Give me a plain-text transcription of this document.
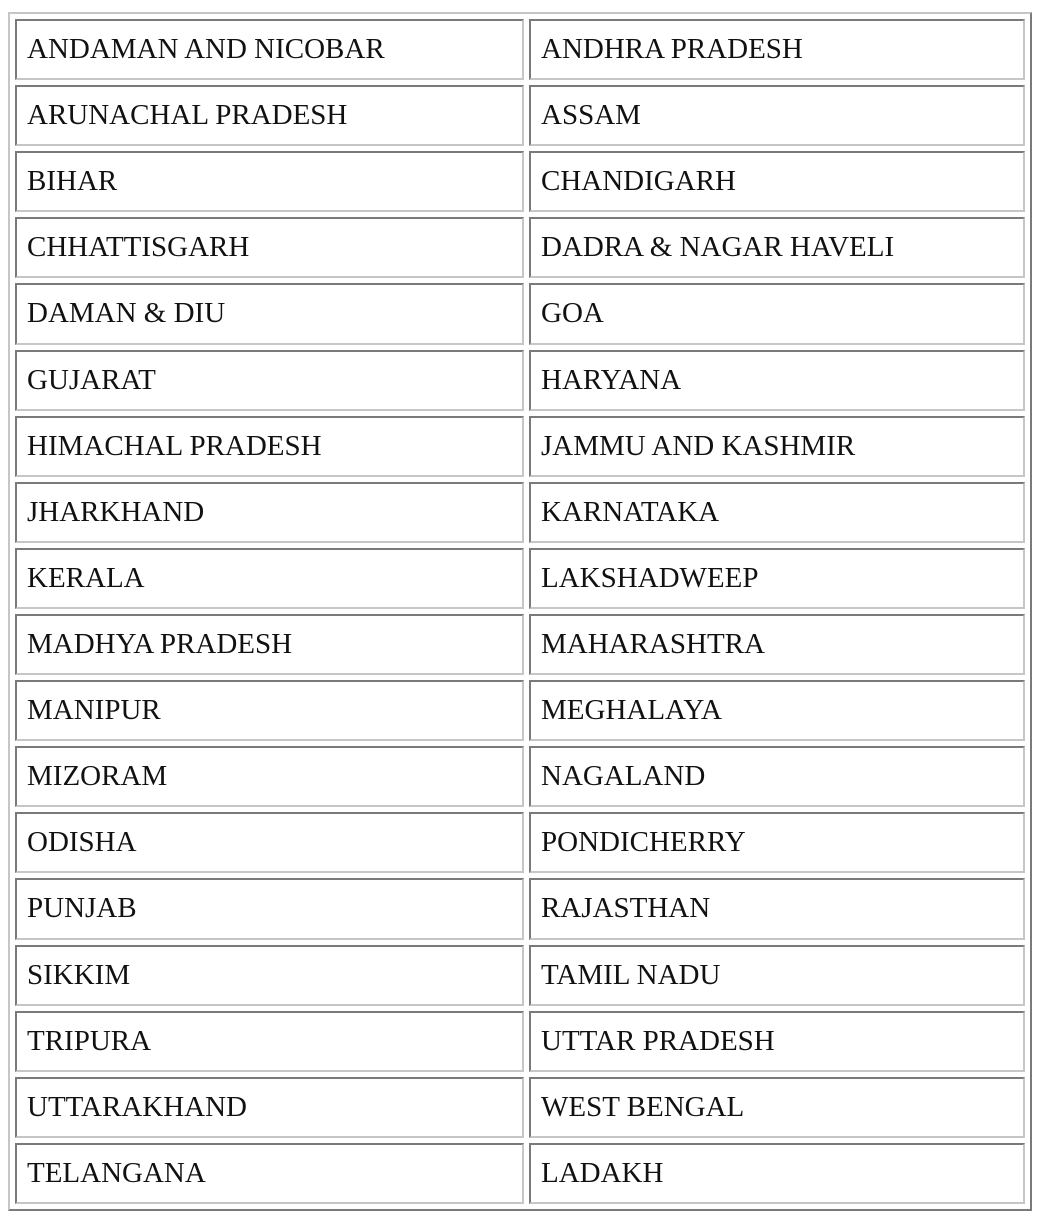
ANDAMAN AND NICOBAR	ANDHRA PRADESH
ARUNACHAL PRADESH	ASSAM
BIHAR	CHANDIGARH
CHHATTISGARH	DADRA & NAGAR HAVELI
DAMAN & DIU	GOA
GUJARAT	HARYANA
HIMACHAL PRADESH	JAMMU AND KASHMIR
JHARKHAND	KARNATAKA
KERALA	LAKSHADWEEP
MADHYA PRADESH	MAHARASHTRA
MANIPUR	MEGHALAYA
MIZORAM	NAGALAND
ODISHA	PONDICHERRY
PUNJAB	RAJASTHAN
SIKKIM	TAMIL NADU
TRIPURA	UTTAR PRADESH
UTTARAKHAND	WEST BENGAL
TELANGANA	LADAKH
